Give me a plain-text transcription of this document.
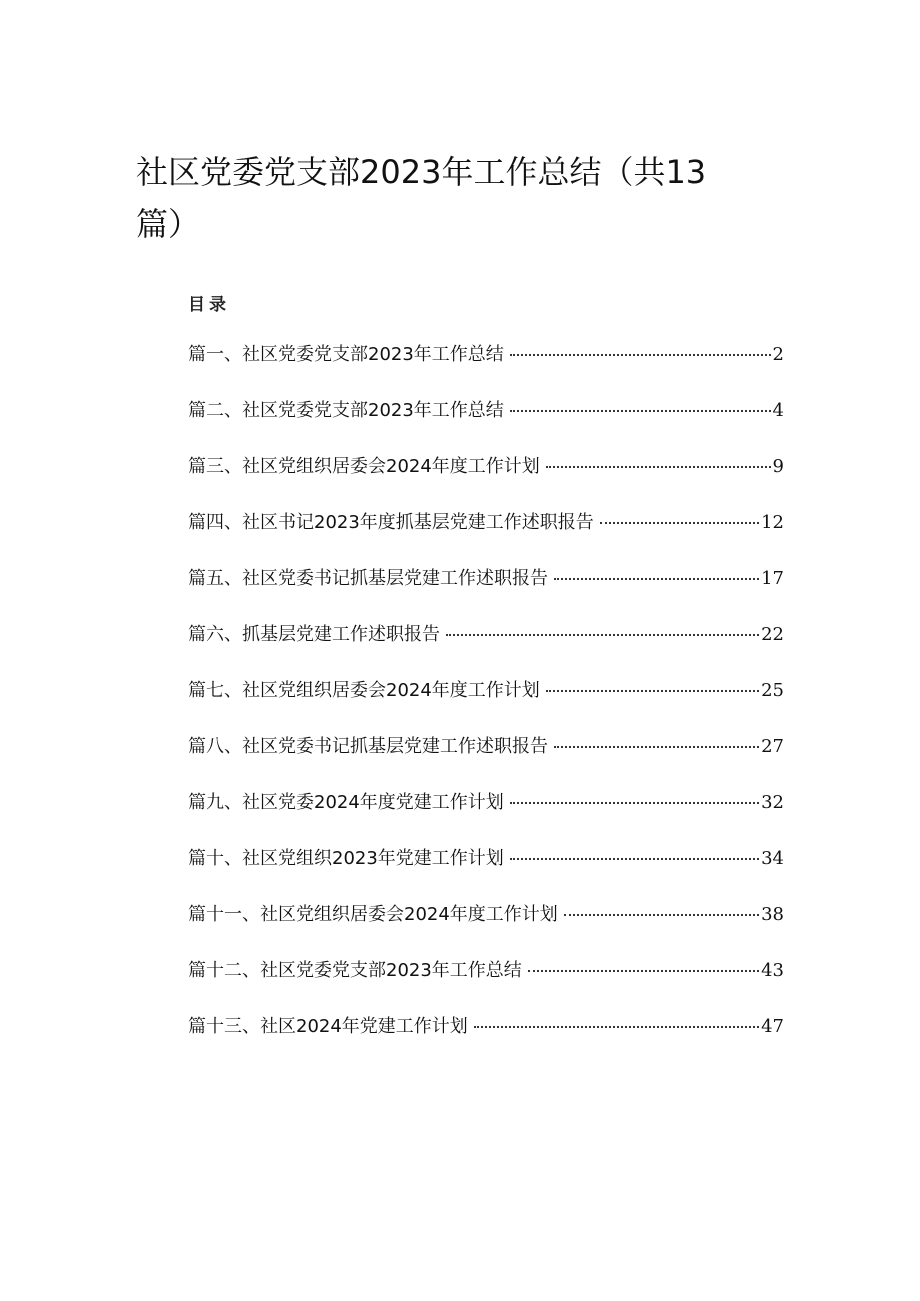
社区党委党支部2023年工作总结（共13篇）
目录
篇一、社区党委党支部2023年工作总结	2
篇二、社区党委党支部2023年工作总结	4
篇三、社区党组织居委会2024年度工作计划	9
篇四、社区书记2023年度抓基层党建工作述职报告	12
篇五、社区党委书记抓基层党建工作述职报告	17
篇六、抓基层党建工作述职报告	22
篇七、社区党组织居委会2024年度工作计划	25
篇八、社区党委书记抓基层党建工作述职报告	27
篇九、社区党委2024年度党建工作计划	32
篇十、社区党组织2023年党建工作计划	34
篇十一、社区党组织居委会2024年度工作计划	38
篇十二、社区党委党支部2023年工作总结	43
篇十三、社区2024年党建工作计划	47
